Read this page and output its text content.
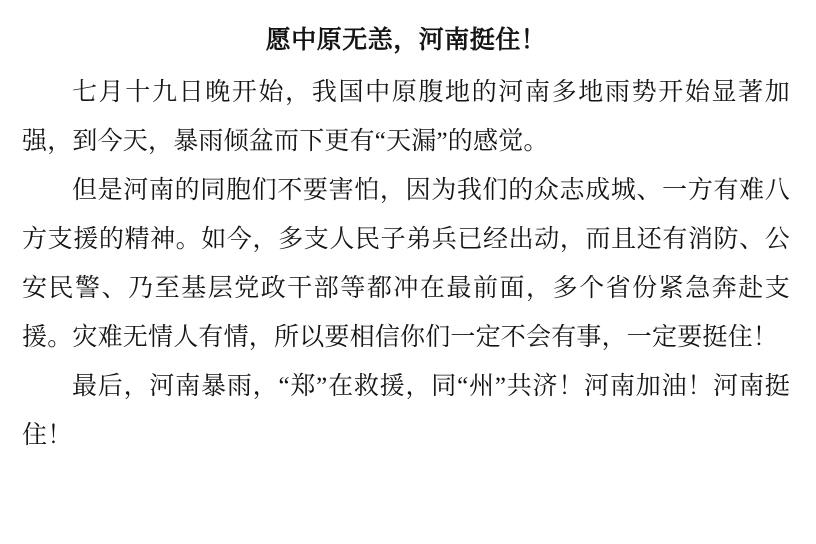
愿中原无恙，河南挺住！

七月十九日晚开始，我国中原腹地的河南多地雨势开始显著加强，到今天，暴雨倾盆而下更有“天漏”的感觉。

但是河南的同胞们不要害怕，因为我们的众志成城、一方有难八方支援的精神。如今，多支人民子弟兵已经出动，而且还有消防、公安民警、乃至基层党政干部等都冲在最前面，多个省份紧急奔赴支援。灾难无情人有情，所以要相信你们一定不会有事，一定要挺住！

最后，河南暴雨，“郑”在救援，同“州”共济！河南加油！河南挺住！
